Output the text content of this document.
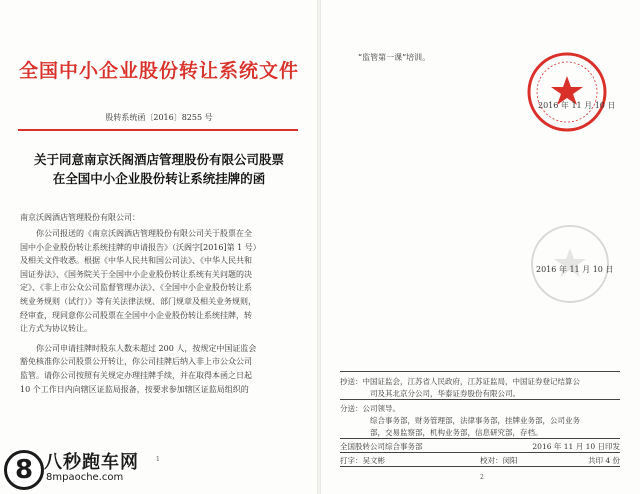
全国中小企业股份转让系统文件
股转系统函〔2016〕8255 号
关于同意南京沃阁酒店管理股份有限公司股票
在全国中小企业股份转让系统挂牌的函
南京沃阁酒店管理股份有限公司：
你公司报送的《南京沃阁酒店管理股份有限公司关于股票在全
国中小企业股份转让系统挂牌的申请报告》（沃阁字[2016]第 1 号）
及相关文件收悉。根据《中华人民共和国公司法》、《中华人民共和
国证券法》、《国务院关于全国中小企业股份转让系统有关问题的决
定》、《非上市公众公司监督管理办法》、《全国中小企业股份转让系
统业务规则（试行）》等有关法律法规、部门规章及相关业务规则，
经审查，现同意你公司股票在全国中小企业股份转让系统挂牌，转
让方式为协议转让。
你公司申请挂牌时股东人数未超过 200 人，按规定中国证监会
豁免核准你公司股票公开转让，你公司挂牌后纳入非上市公众公司
监管。请你公司按照有关规定办理挂牌手续，并在取得本函之日起
10 个工作日内向辖区证监局报备，按要求参加辖区证监局组织的
1
8 八秒跑车网
8mpaoche.com
“监管第一课”培训。
2016 年 11 月 10 日
2016 年 11 月 10 日
抄送：中国证监会，江苏省人民政府，江苏证监局，中国证券登记结算公
司及其北京分公司，华泰证券股份有限公司。
分送：公司领导。
综合事务部，财务管理部，法律事务部，挂牌业务部，公司业务
部，交易监察部，机构业务部，信息研究部，存档。
全国股转公司综合事务部	2016 年 11 月 10 日印发
打字：吴文彬	校对：闵阳	共印 4 份
2
